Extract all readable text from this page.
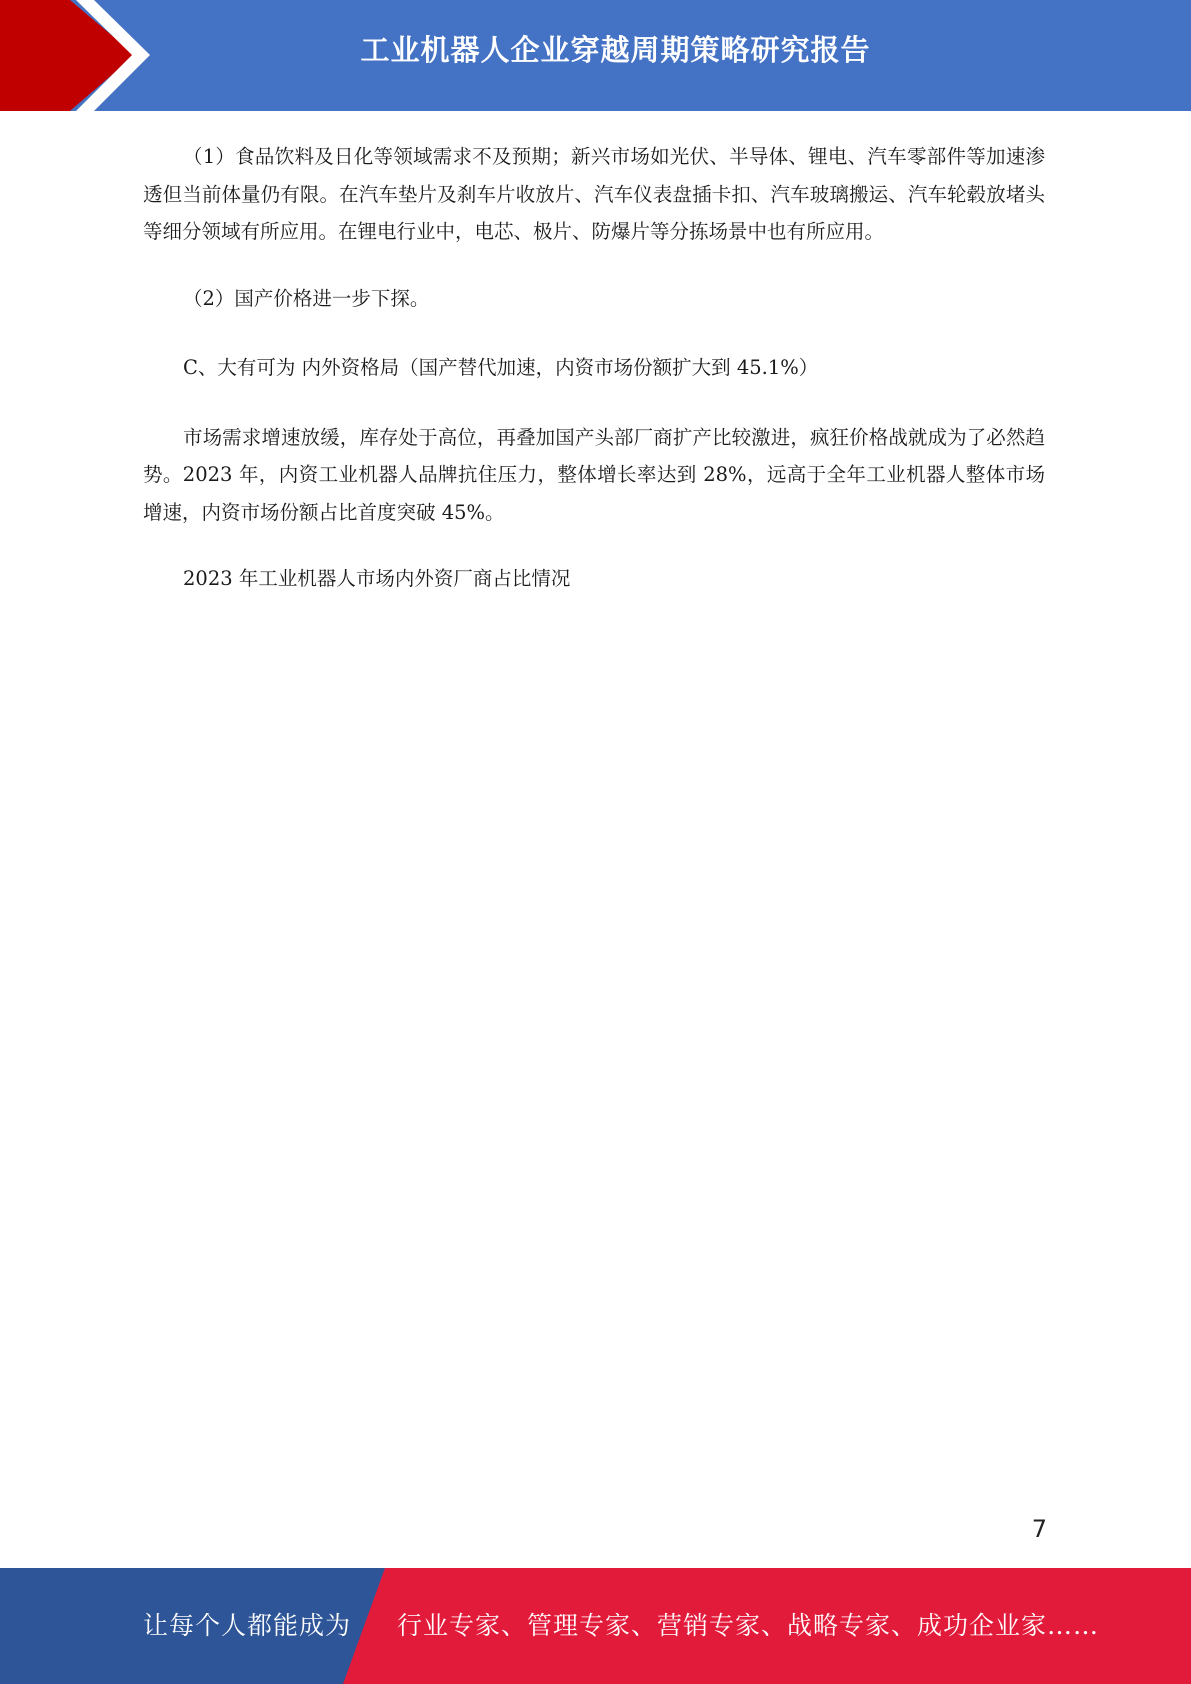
工业机器人企业穿越周期策略研究报告

（1）食品饮料及日化等领域需求不及预期；新兴市场如光伏、半导体、锂电、汽车零部件等加速渗透但当前体量仍有限。在汽车垫片及刹车片收放片、汽车仪表盘插卡扣、汽车玻璃搬运、汽车轮毂放堵头等细分领域有所应用。在锂电行业中，电芯、极片、防爆片等分拣场景中也有所应用。

（2）国产价格进一步下探。

C、大有可为 内外资格局（国产替代加速，内资市场份额扩大到 45.1%）

市场需求增速放缓，库存处于高位，再叠加国产头部厂商扩产比较激进，疯狂价格战就成为了必然趋势。2023 年，内资工业机器人品牌抗住压力，整体增长率达到 28%，远高于全年工业机器人整体市场增速，内资市场份额占比首度突破 45%。

2023 年工业机器人市场内外资厂商占比情况

7
让每个人都能成为 行业专家、管理专家、营销专家、战略专家、成功企业家……
